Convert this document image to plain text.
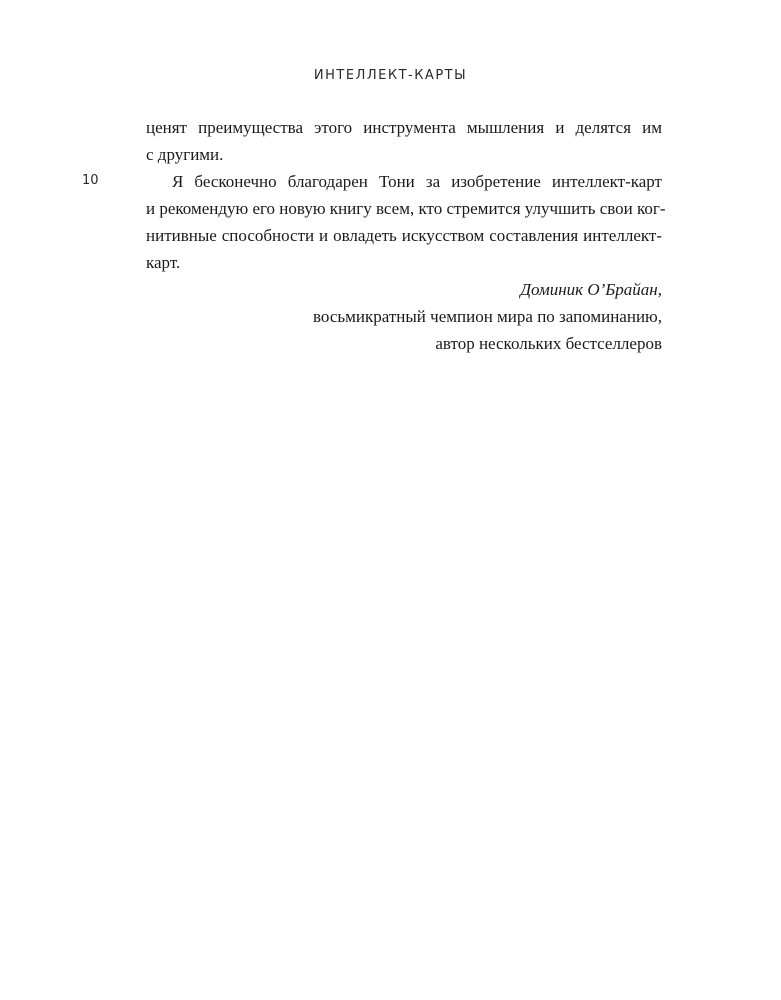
ИНТЕЛЛЕКТ-КАРТЫ
10

ценят преимущества этого инструмента мышления и делятся им
с другими.

Я бесконечно благодарен Тони за изобретение интеллект-карт
и рекомендую его новую книгу всем, кто стремится улучшить свои ког-
нитивные способности и овладеть искусством составления интеллект-
карт.

Доминик О’Брайан,
восьмикратный чемпион мира по запоминанию,
автор нескольких бестселлеров
